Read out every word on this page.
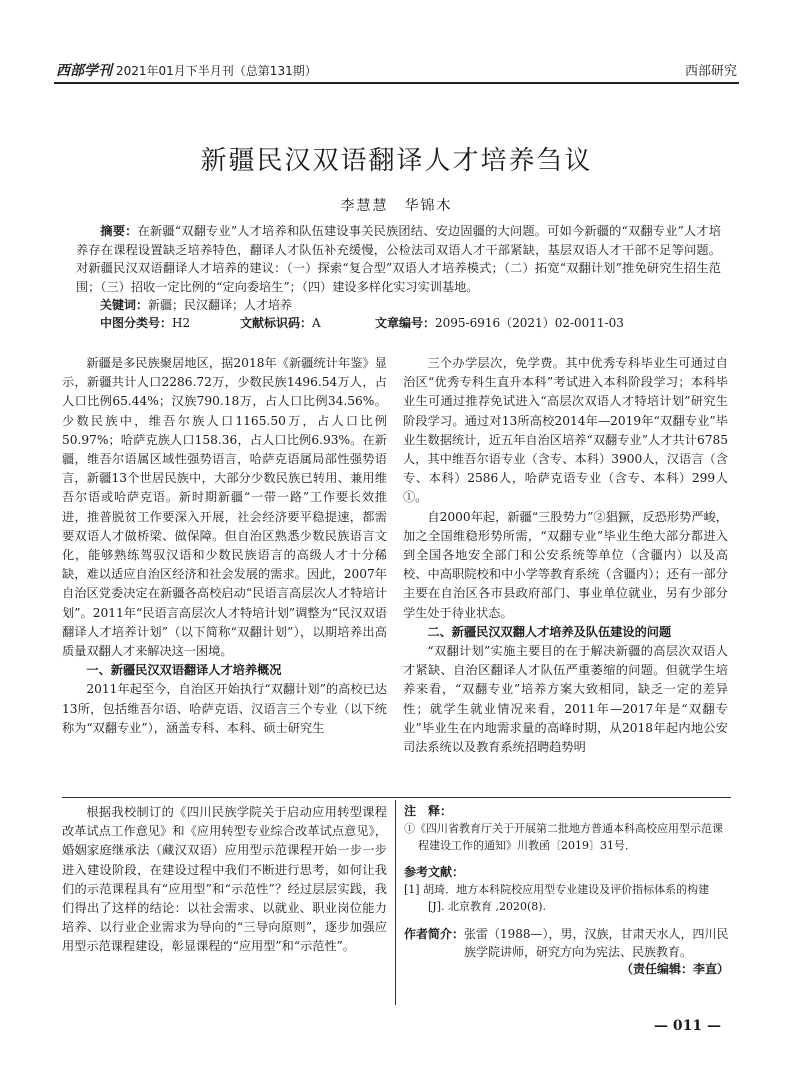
西部学刊 2021年01月下半月刊（总第131期）	西部研究
新疆民汉双语翻译人才培养刍议
李慧慧　华锦木
摘要：在新疆“双翻专业”人才培养和队伍建设事关民族团结、安边固疆的大问题。可如今新疆的“双翻专业”人才培养存在课程设置缺乏培养特色，翻译人才队伍补充缓慢，公检法司双语人才干部紧缺，基层双语人才干部不足等问题。对新疆民汉双语翻译人才培养的建议：（一）探索“复合型”双语人才培养模式；（二）拓宽“双翻计划”推免研究生招生范围；（三）招收一定比例的“定向委培生”；（四）建设多样化实习实训基地。
关键词：新疆；民汉翻译；人才培养
中图分类号：H2	文献标识码：A	文章编号：2095-6916（2021）02-0011-03

新疆是多民族聚居地区，据2018年《新疆统计年鉴》显示，新疆共计人口2286.72万，少数民族1496.54万人，占人口比例65.44%；汉族790.18万，占人口比例34.56%。少数民族中，维吾尔族人口1165.50万，占人口比例50.97%；哈萨克族人口158.36，占人口比例6.93%。在新疆，维吾尔语属区域性强势语言，哈萨克语属局部性强势语言，新疆13个世居民族中，大部分少数民族已转用、兼用维吾尔语或哈萨克语。新时期新疆“一带一路”工作要长效推进，推普脱贫工作要深入开展，社会经济要平稳提速，都需要双语人才做桥梁、做保障。但自治区熟悉少数民族语言文化，能够熟练驾驭汉语和少数民族语言的高级人才十分稀缺，难以适应自治区经济和社会发展的需求。因此，2007年自治区党委决定在新疆各高校启动“民语言高层次人才特培计划”。2011年“民语言高层次人才特培计划”调整为“民汉双语翻译人才培养计划”（以下简称“双翻计划”），以期培养出高质量双翻人才来解决这一困境。

一、新疆民汉双语翻译人才培养概况

2011年起至今，自治区开始执行“双翻计划”的高校已达13所，包括维吾尔语、哈萨克语、汉语言三个专业（以下统称为“双翻专业”），涵盖专科、本科、硕士研究生

三个办学层次，免学费。其中优秀专科毕业生可通过自治区“优秀专科生直升本科”考试进入本科阶段学习；本科毕业生可通过推荐免试进入“高层次双语人才特培计划”研究生阶段学习。通过对13所高校2014年—2019年“双翻专业”毕业生数据统计，近五年自治区培养“双翻专业”人才共计6785人，其中维吾尔语专业（含专、本科）3900人，汉语言（含专、本科）2586人，哈萨克语专业（含专、本科）299人①。

自2000年起，新疆“三股势力”②猖獗，反恐形势严峻，加之全国维稳形势所需，“双翻专业”毕业生绝大部分都进入到全国各地安全部门和公安系统等单位（含疆内）以及高校、中高职院校和中小学等教育系统（含疆内）；还有一部分主要在自治区各市县政府部门、事业单位就业，另有少部分学生处于待业状态。

二、新疆民汉双翻人才培养及队伍建设的问题

“双翻计划”实施主要目的在于解决新疆的高层次双语人才紧缺、自治区翻译人才队伍严重萎缩的问题。但就学生培养来看，“双翻专业”培养方案大致相同，缺乏一定的差异性；就学生就业情况来看，2011年—2017年是“双翻专业”毕业生在内地需求量的高峰时期，从2018年起内地公安司法系统以及教育系统招聘趋势明

根据我校制订的《四川民族学院关于启动应用转型课程改革试点工作意见》和《应用转型专业综合改革试点意见》，婚姻家庭继承法（藏汉双语）应用型示范课程开始一步一步进入建设阶段，在建设过程中我们不断进行思考，如何让我们的示范课程具有“应用型”和“示范性”？经过层层实践，我们得出了这样的结论：以社会需求、以就业、职业岗位能力培养、以行业企业需求为导向的“三导向原则”，逐步加强应用型示范课程建设，彰显课程的“应用型”和“示范性”。

注　释：
①《四川省教育厅关于开展第二批地方普通本科高校应用型示范课程建设工作的通知》川教函〔2019〕31号．
参考文献：
[1] 胡琦．地方本科院校应用型专业建设及评价指标体系的构建 [J]. 北京教育 ,2020(8).
作者简介：张雷（1988—），男，汉族，甘肃天水人，四川民族学院讲师，研究方向为宪法、民族教育。
（责任编辑：李直）
— 011 —
